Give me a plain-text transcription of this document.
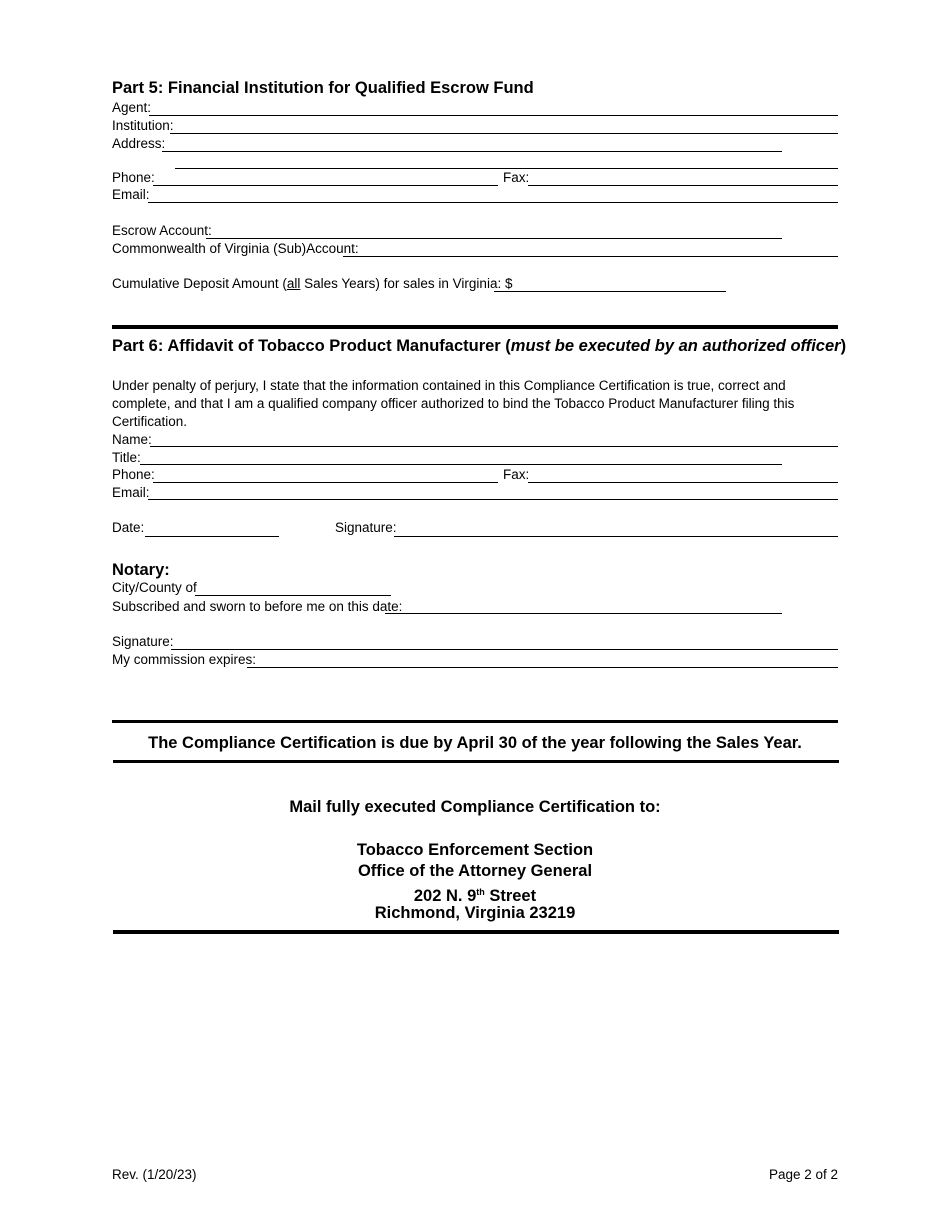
Part 5: Financial Institution for Qualified Escrow Fund
Agent:
Institution:
Address:
Phone:	Fax:
Email:
Escrow Account:
Commonwealth of Virginia (Sub)Account:
Cumulative Deposit Amount (all Sales Years) for sales in Virginia: $
Part 6: Affidavit of Tobacco Product Manufacturer (must be executed by an authorized officer)
Under penalty of perjury, I state that the information contained in this Compliance Certification is true, correct and complete, and that I am a qualified company officer authorized to bind the Tobacco Product Manufacturer filing this Certification.
Name:
Title:
Phone:	Fax:
Email:
Date:	Signature:
Notary:
City/County of
Subscribed and sworn to before me on this date:
Signature:
My commission expires:
The Compliance Certification is due by April 30 of the year following the Sales Year.
Mail fully executed Compliance Certification to:
Tobacco Enforcement Section
Office of the Attorney General
202 N. 9th Street
Richmond, Virginia 23219
Rev. (1/20/23)	Page 2 of 2
